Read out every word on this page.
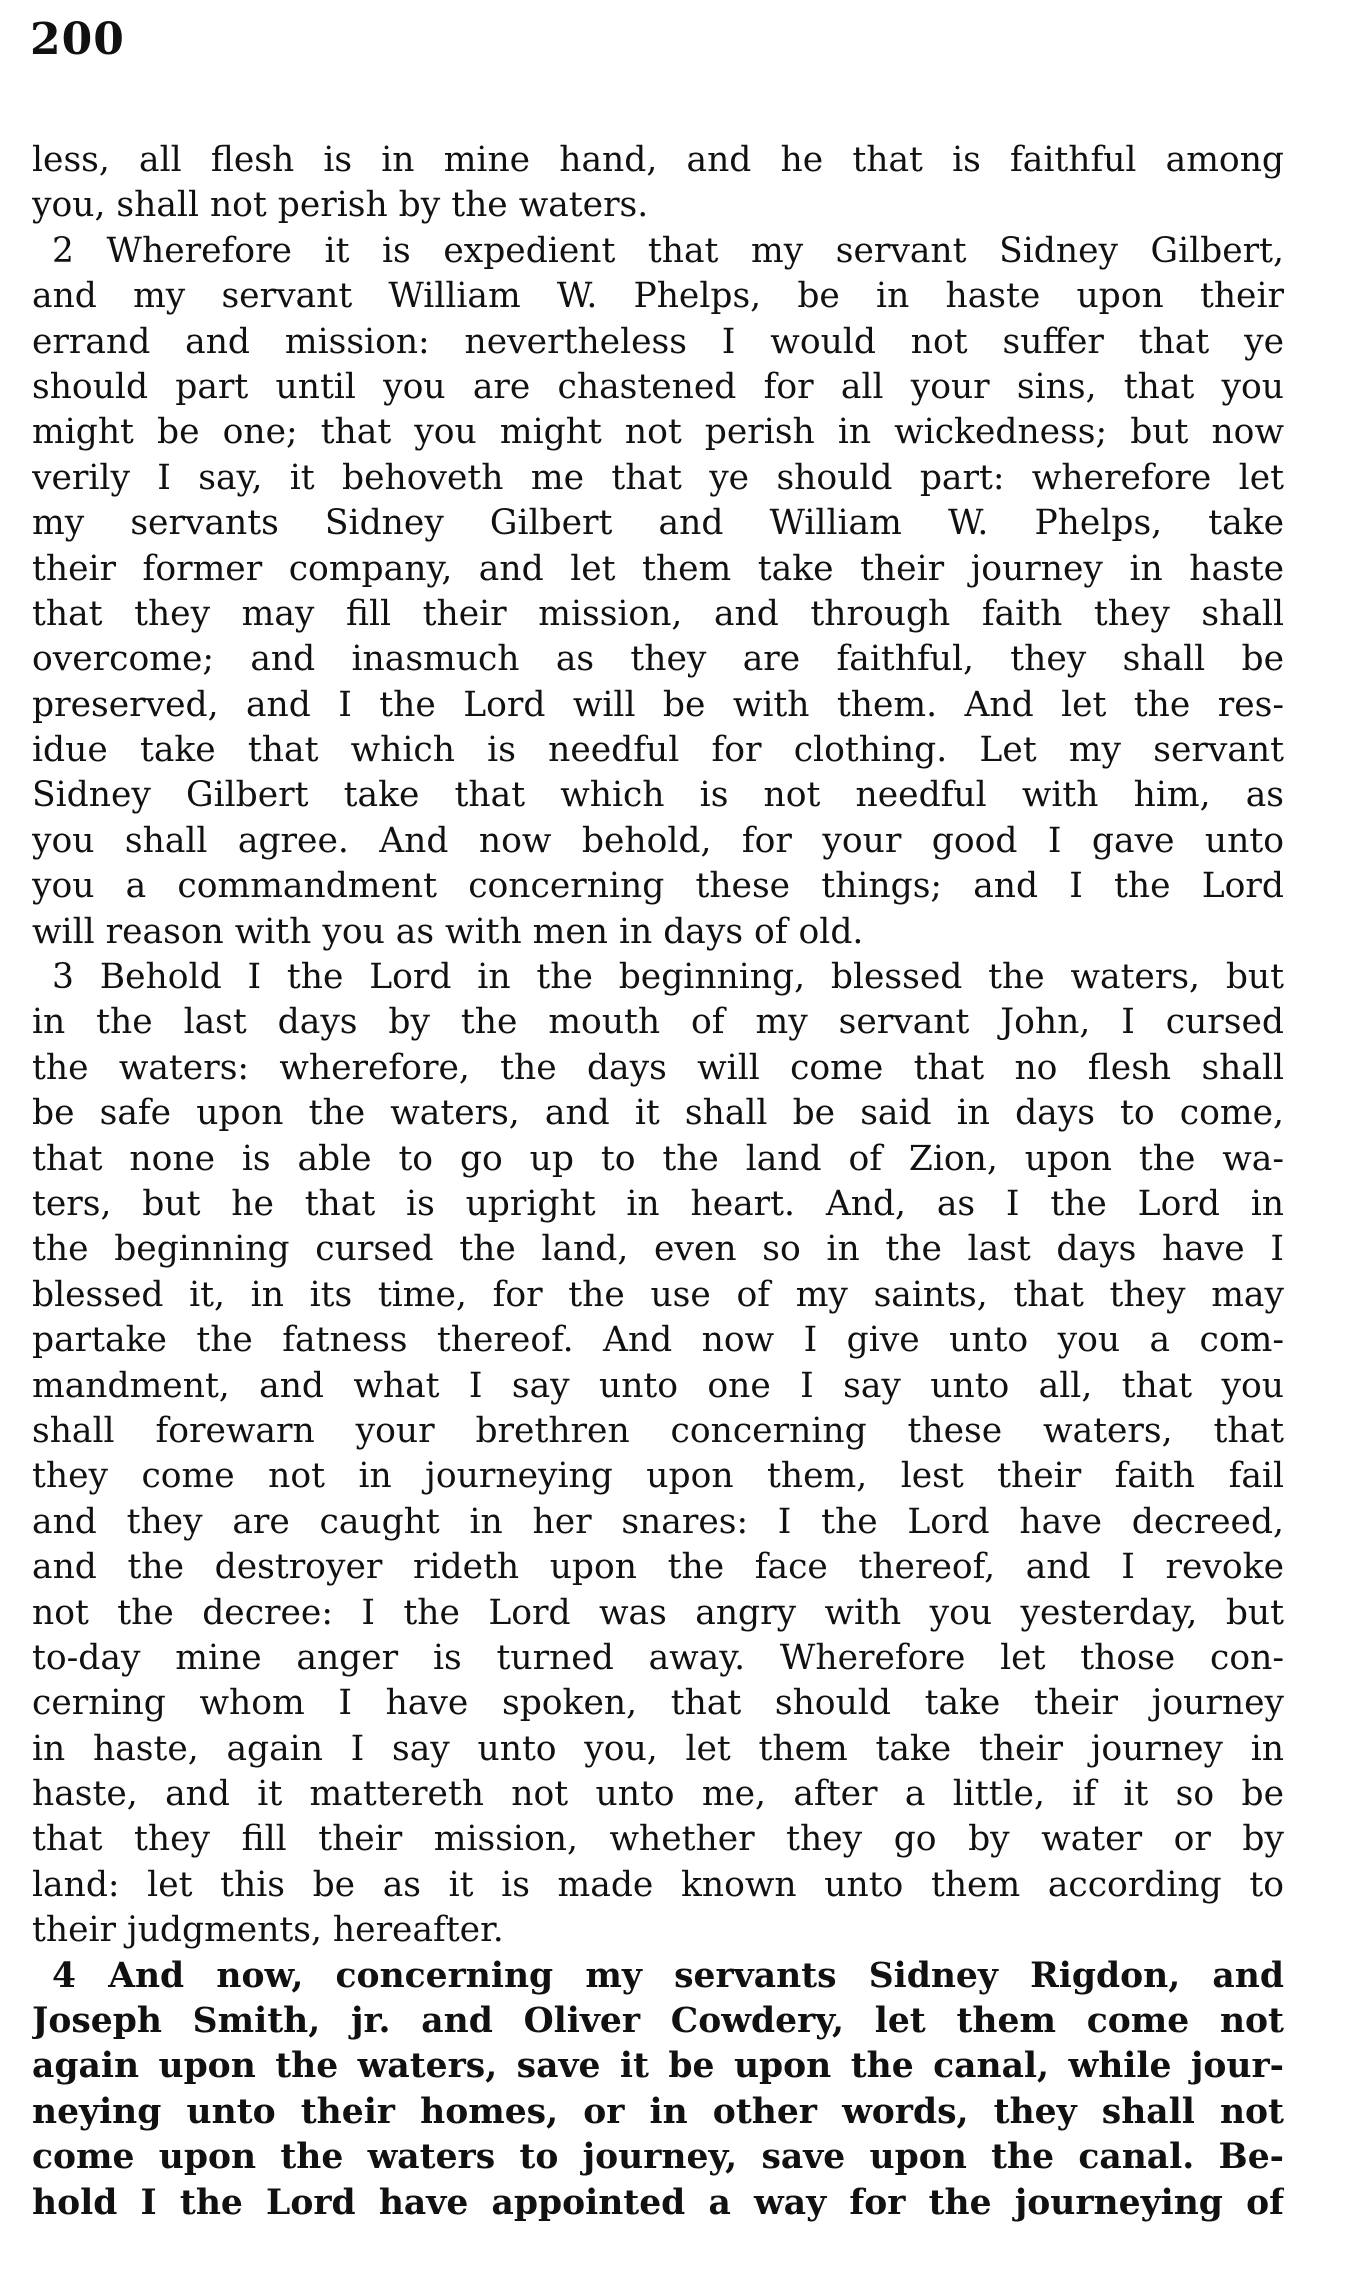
200
less, all flesh is in mine hand, and he that is faithful among
you, shall not perish by the waters.
2 Wherefore it is expedient that my servant Sidney Gilbert,
and my servant William W. Phelps, be in haste upon their
errand and mission: nevertheless I would not suffer that ye
should part until you are chastened for all your sins, that you
might be one; that you might not perish in wickedness; but now
verily I say, it behoveth me that ye should part: wherefore let
my servants Sidney Gilbert and William W. Phelps, take
their former company, and let them take their journey in haste
that they may fill their mission, and through faith they shall
overcome; and inasmuch as they are faithful, they shall be
preserved, and I the Lord will be with them. And let the res-
idue take that which is needful for clothing. Let my servant
Sidney Gilbert take that which is not needful with him, as
you shall agree. And now behold, for your good I gave unto
you a commandment concerning these things; and I the Lord
will reason with you as with men in days of old.
3 Behold I the Lord in the beginning, blessed the waters, but
in the last days by the mouth of my servant John, I cursed
the waters: wherefore, the days will come that no flesh shall
be safe upon the waters, and it shall be said in days to come,
that none is able to go up to the land of Zion, upon the wa-
ters, but he that is upright in heart. And, as I the Lord in
the beginning cursed the land, even so in the last days have I
blessed it, in its time, for the use of my saints, that they may
partake the fatness thereof. And now I give unto you a com-
mandment, and what I say unto one I say unto all, that you
shall forewarn your brethren concerning these waters, that
they come not in journeying upon them, lest their faith fail
and they are caught in her snares: I the Lord have decreed,
and the destroyer rideth upon the face thereof, and I revoke
not the decree: I the Lord was angry with you yesterday, but
to-day mine anger is turned away. Wherefore let those con-
cerning whom I have spoken, that should take their journey
in haste, again I say unto you, let them take their journey in
haste, and it mattereth not unto me, after a little, if it so be
that they fill their mission, whether they go by water or by
land: let this be as it is made known unto them according to
their judgments, hereafter.
4 And now, concerning my servants Sidney Rigdon, and
Joseph Smith, jr. and Oliver Cowdery, let them come not
again upon the waters, save it be upon the canal, while jour-
neying unto their homes, or in other words, they shall not
come upon the waters to journey, save upon the canal. Be-
hold I the Lord have appointed a way for the journeying of
